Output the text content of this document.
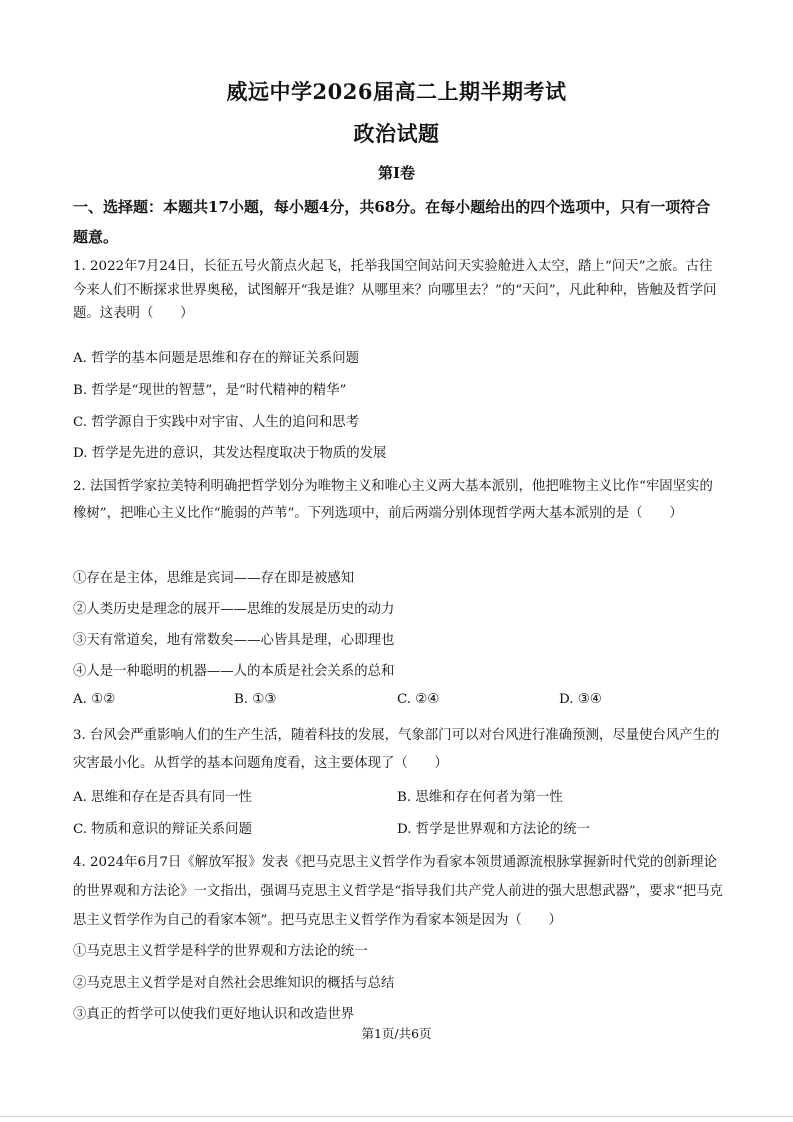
威远中学2026届高二上期半期考试
政治试题
第Ⅰ卷
一、选择题：本题共17小题，每小题4分，共68分。在每小题给出的四个选项中，只有一项符合题意。
1. 2022年7月24日，长征五号火箭点火起飞，托举我国空间站问天实验舱进入太空，踏上“问天”之旅。古往今来人们不断探求世界奥秘，试图解开“我是谁？从哪里来？向哪里去？”的“天问”，凡此种种，皆触及哲学问题。这表明（　　）
A. 哲学的基本问题是思维和存在的辩证关系问题
B. 哲学是“现世的智慧”，是“时代精神的精华”
C. 哲学源自于实践中对宇宙、人生的追问和思考
D. 哲学是先进的意识，其发达程度取决于物质的发展
2. 法国哲学家拉美特利明确把哲学划分为唯物主义和唯心主义两大基本派别，他把唯物主义比作“牢固坚实的橡树”，把唯心主义比作“脆弱的芦苇”。下列选项中，前后两端分别体现哲学两大基本派别的是（　　）
①存在是主体，思维是宾词——存在即是被感知
②人类历史是理念的展开——思维的发展是历史的动力
③天有常道矣，地有常数矣——心皆具是理，心即理也
④人是一种聪明的机器——人的本质是社会关系的总和
A. ①②	B. ①③	C. ②④	D. ③④
3. 台风会严重影响人们的生产生活，随着科技的发展，气象部门可以对台风进行准确预测，尽量使台风产生的灾害最小化。从哲学的基本问题角度看，这主要体现了（　　）
A. 思维和存在是否具有同一性	B. 思维和存在何者为第一性
C. 物质和意识的辩证关系问题	D. 哲学是世界观和方法论的统一
4. 2024年6月7日《解放军报》发表《把马克思主义哲学作为看家本领贯通源流根脉掌握新时代党的创新理论的世界观和方法论》一文指出，强调马克思主义哲学是“指导我们共产党人前进的强大思想武器”，要求“把马克思主义哲学作为自己的看家本领”。把马克思主义哲学作为看家本领是因为（　　）
①马克思主义哲学是科学的世界观和方法论的统一
②马克思主义哲学是对自然社会思维知识的概括与总结
③真正的哲学可以使我们更好地认识和改造世界
第1页/共6页
